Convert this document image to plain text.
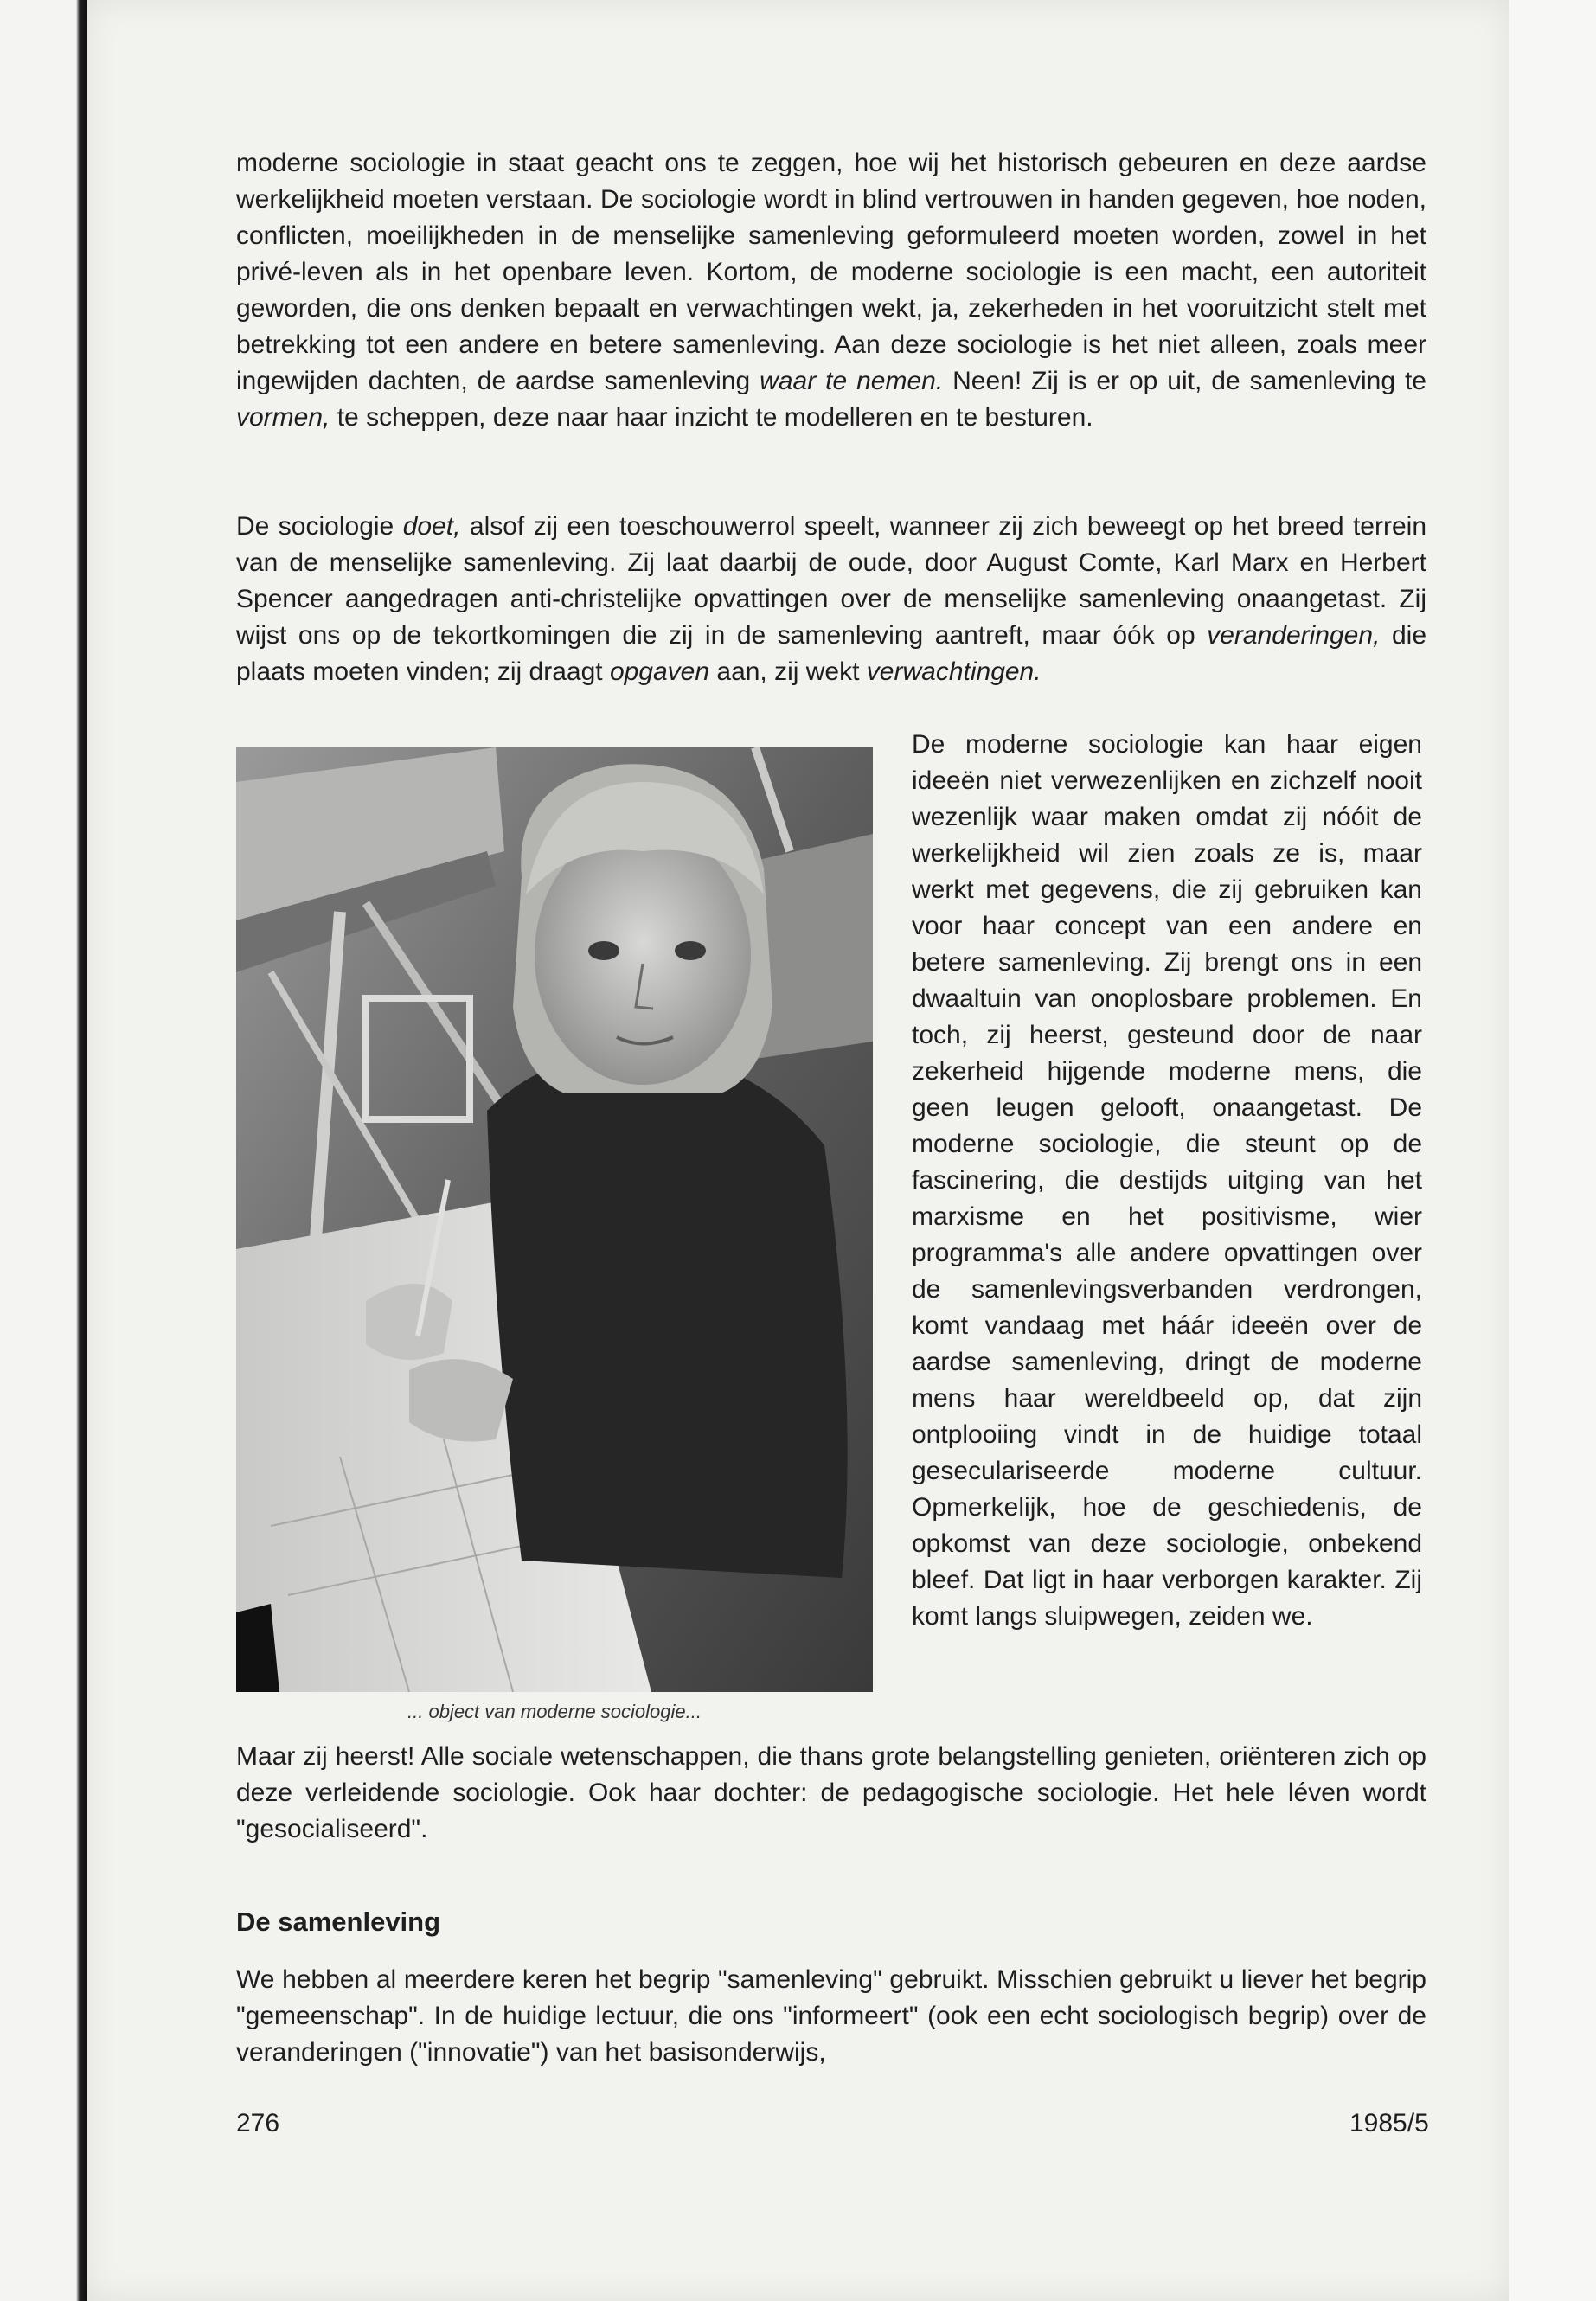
moderne sociologie in staat geacht ons te zeggen, hoe wij het historisch gebeuren en deze aardse werkelijkheid moeten verstaan. De sociologie wordt in blind vertrouwen in handen gegeven, hoe noden, conflicten, moeilijkheden in de menselijke samenleving geformuleerd moeten worden, zowel in het privé-leven als in het openbare leven. Kortom, de moderne sociologie is een macht, een autoriteit geworden, die ons denken bepaalt en verwachtingen wekt, ja, zekerheden in het vooruitzicht stelt met betrekking tot een andere en betere samenleving. Aan deze sociologie is het niet alleen, zoals meer ingewijden dachten, de aardse samenleving waar te nemen. Neen! Zij is er op uit, de samenleving te vormen, te scheppen, deze naar haar inzicht te modelleren en te besturen.

De sociologie doet, alsof zij een toeschouwerrol speelt, wanneer zij zich beweegt op het breed terrein van de menselijke samenleving. Zij laat daarbij de oude, door August Comte, Karl Marx en Herbert Spencer aangedragen anti-christelijke opvattingen over de menselijke samenleving onaangetast. Zij wijst ons op de tekortkomingen die zij in de samenleving aantreft, maar óók op veranderingen, die plaats moeten vinden; zij draagt opgaven aan, zij wekt verwachtingen.

... object van moderne sociologie...

De moderne sociologie kan haar eigen ideeën niet verwezenlijken en zichzelf nooit wezenlijk waar maken omdat zij nóóit de werkelijkheid wil zien zoals ze is, maar werkt met gegevens, die zij gebruiken kan voor haar concept van een andere en betere samenleving. Zij brengt ons in een dwaaltuin van onoplosbare problemen. En toch, zij heerst, gesteund door de naar zekerheid hijgende moderne mens, die geen leugen gelooft, onaangetast. De moderne sociologie, die steunt op de fascinering, die destijds uitging van het marxisme en het positivisme, wier programma's alle andere opvattingen over de samenlevingsverbanden verdrongen, komt vandaag met háár ideeën over de aardse samenleving, dringt de moderne mens haar wereldbeeld op, dat zijn ontplooiing vindt in de huidige totaal geseculariseerde moderne cultuur. Opmerkelijk, hoe de geschiedenis, de opkomst van deze sociologie, onbekend bleef. Dat ligt in haar verborgen karakter. Zij komt langs sluipwegen, zeiden we.

Maar zij heerst! Alle sociale wetenschappen, die thans grote belangstelling genieten, oriënteren zich op deze verleidende sociologie. Ook haar dochter: de pedagogische sociologie. Het hele léven wordt "gesocialiseerd".

De samenleving

We hebben al meerdere keren het begrip "samenleving" gebruikt. Misschien gebruikt u liever het begrip "gemeenschap". In de huidige lectuur, die ons "informeert" (ook een echt sociologisch begrip) over de veranderingen ("innovatie") van het basisonderwijs,

276	1985/5
